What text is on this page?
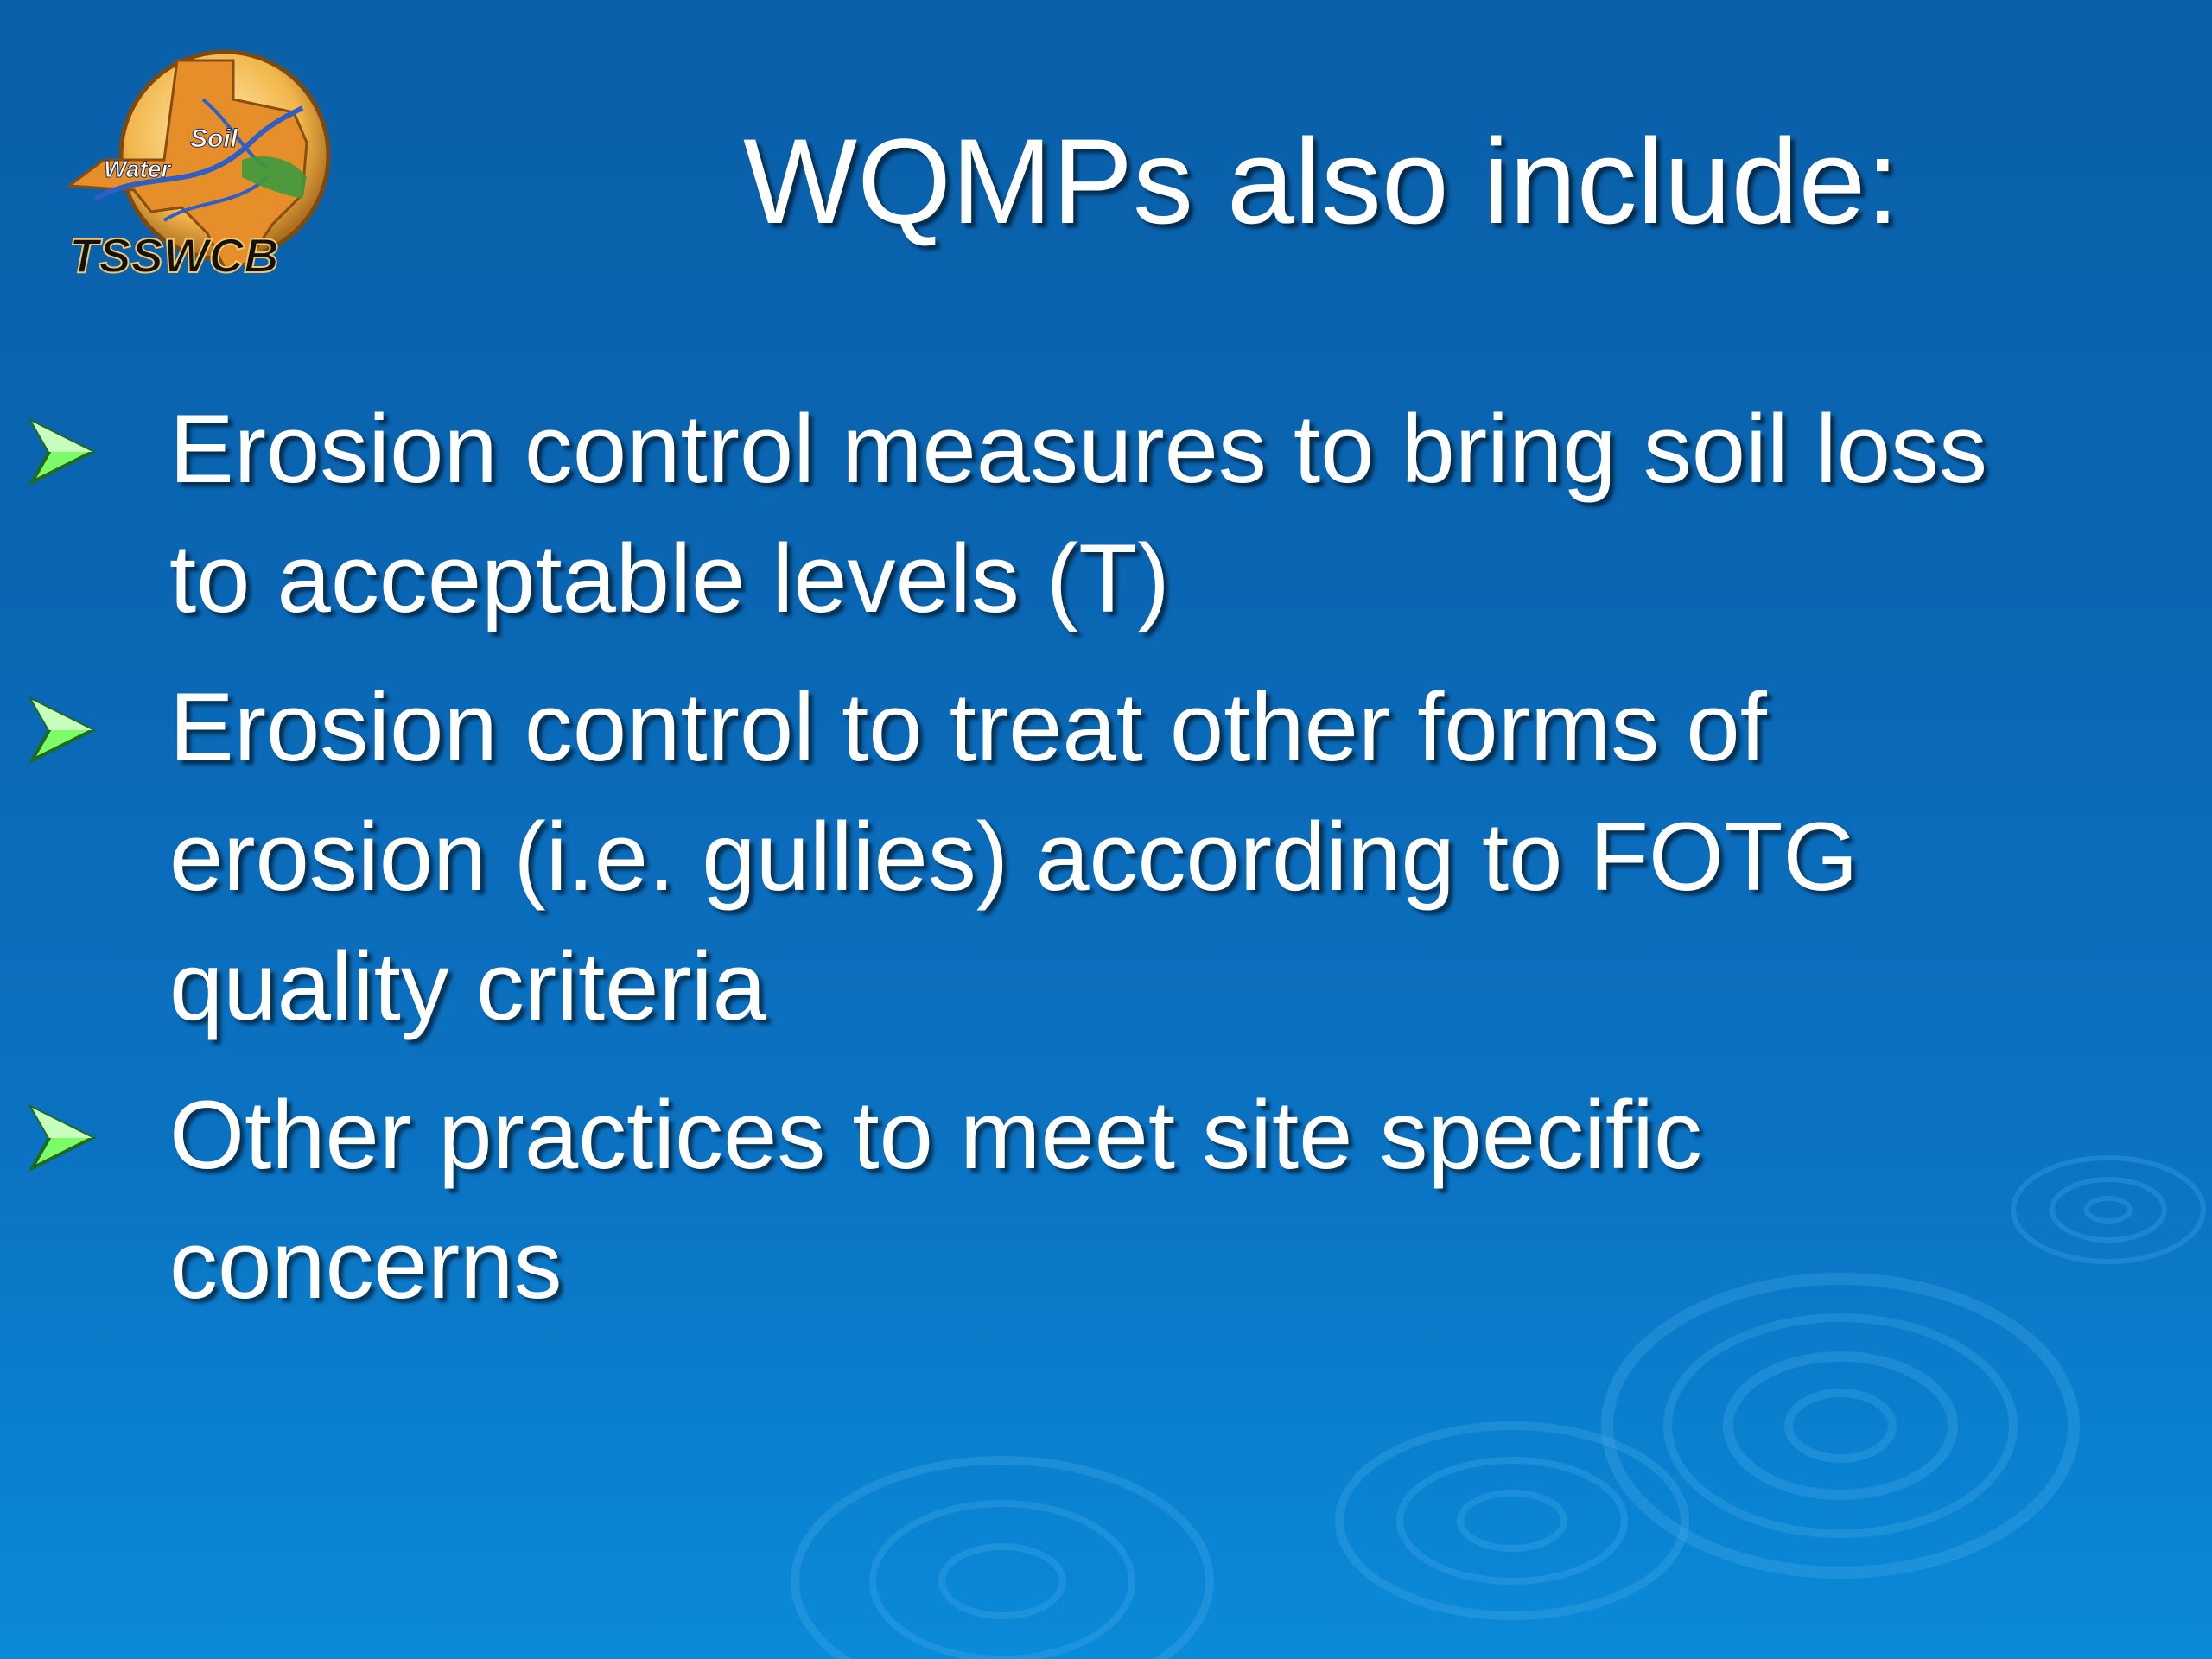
Soil
Water
TSSWCB
WQMPs also include:
Erosion control measures to bring soil loss to acceptable levels (T)
Erosion control to treat other forms of erosion (i.e. gullies) according to FOTG quality criteria
Other practices to meet site specific concerns
